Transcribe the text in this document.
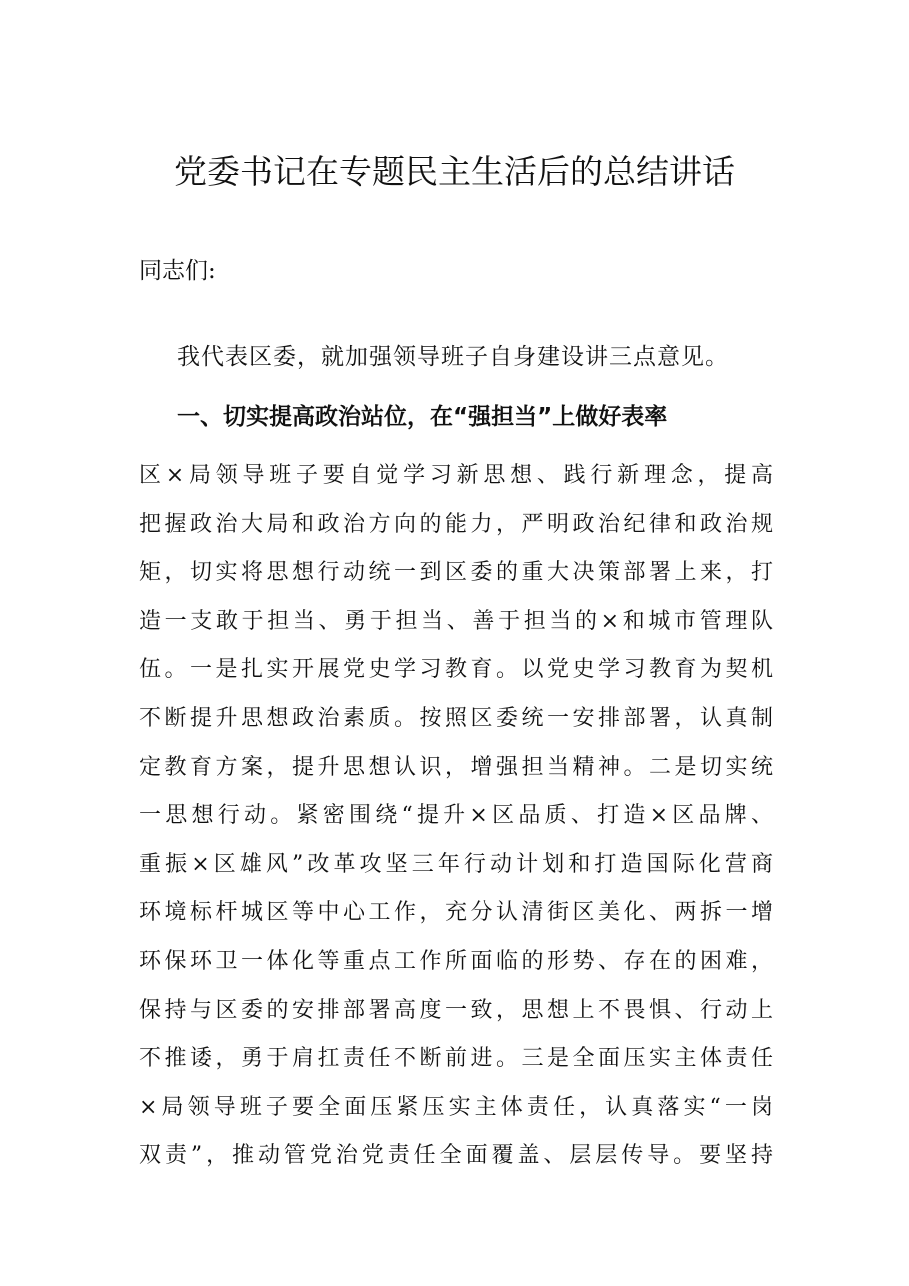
党委书记在专题民主生活后的总结讲话

同志们:

我代表区委，就加强领导班子自身建设讲三点意见。

一、切实提高政治站位，在“强担当”上做好表率
区×局领导班子要自觉学习新思想、践行新理念，提高
把握政治大局和政治方向的能力，严明政治纪律和政治规
矩，切实将思想行动统一到区委的重大决策部署上来，打
造一支敢于担当、勇于担当、善于担当的×和城市管理队
伍。一是扎实开展党史学习教育。以党史学习教育为契机
不断提升思想政治素质。按照区委统一安排部署，认真制
定教育方案，提升思想认识，增强担当精神。二是切实统
一思想行动。紧密围绕“提升×区品质、打造×区品牌、
重振×区雄风”改革攻坚三年行动计划和打造国际化营商
环境标杆城区等中心工作，充分认清街区美化、两拆一增
环保环卫一体化等重点工作所面临的形势、存在的困难，
保持与区委的安排部署高度一致，思想上不畏惧、行动上
不推诿，勇于肩扛责任不断前进。三是全面压实主体责任
×局领导班子要全面压紧压实主体责任，认真落实“一岗
双责”，推动管党治党责任全面覆盖、层层传导。要坚持
